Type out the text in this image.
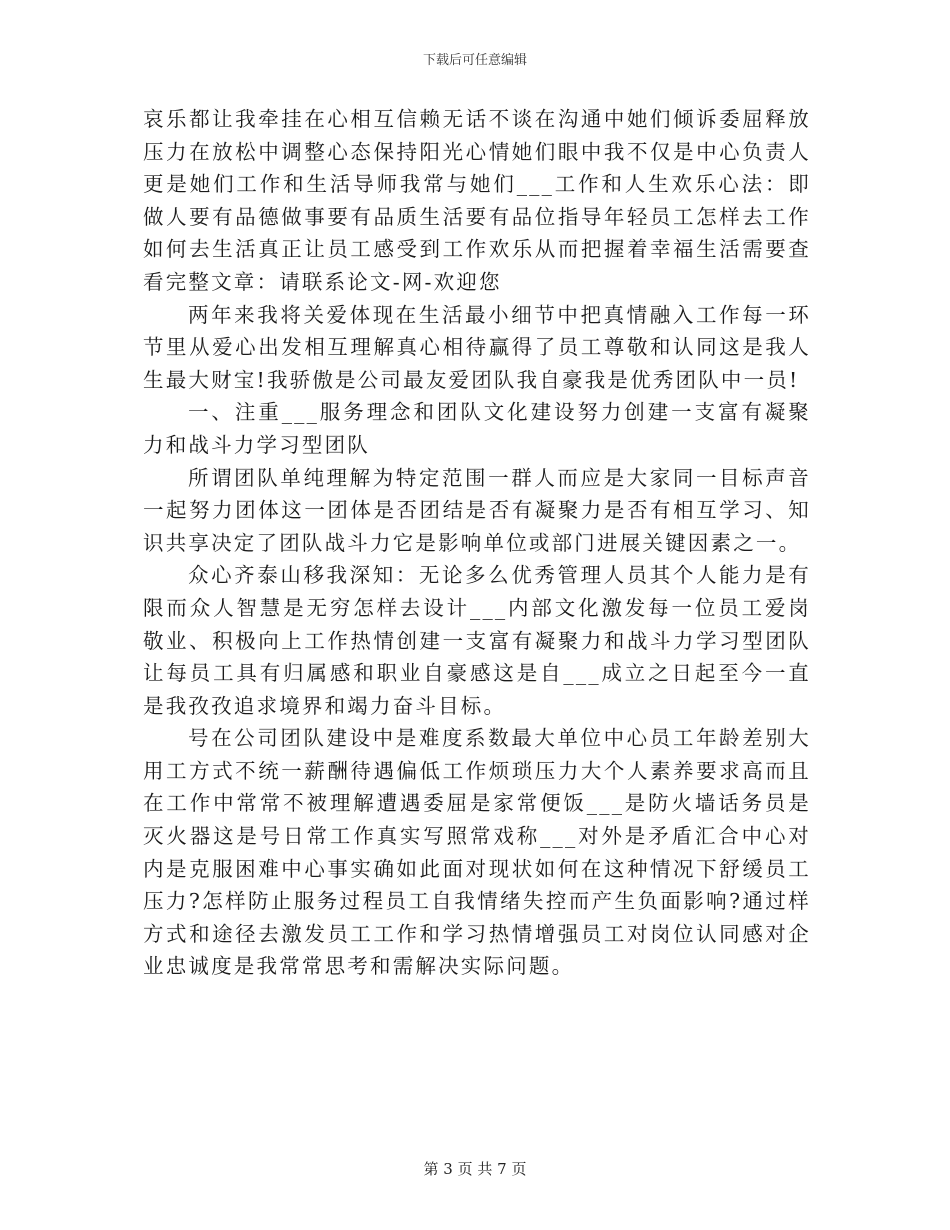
下载后可任意编辑

哀乐都让我牵挂在心相互信赖无话不谈在沟通中她们倾诉委屈释放压力在放松中调整心态保持阳光心情她们眼中我不仅是中心负责人更是她们工作和生活导师我常与她们___工作和人生欢乐心法：即做人要有品德做事要有品质生活要有品位指导年轻员工怎样去工作如何去生活真正让员工感受到工作欢乐从而把握着幸福生活需要查看完整文章：请联系论文-网-欢迎您

两年来我将关爱体现在生活最小细节中把真情融入工作每一环节里从爱心出发相互理解真心相待赢得了员工尊敬和认同这是我人生最大财宝!我骄傲是公司最友爱团队我自豪我是优秀团队中一员!

一、注重___服务理念和团队文化建设努力创建一支富有凝聚力和战斗力学习型团队

所谓团队单纯理解为特定范围一群人而应是大家同一目标声音一起努力团体这一团体是否团结是否有凝聚力是否有相互学习、知识共享决定了团队战斗力它是影响单位或部门进展关键因素之一。

众心齐泰山移我深知：无论多么优秀管理人员其个人能力是有限而众人智慧是无穷怎样去设计___内部文化激发每一位员工爱岗敬业、积极向上工作热情创建一支富有凝聚力和战斗力学习型团队让每员工具有归属感和职业自豪感这是自___成立之日起至今一直是我孜孜追求境界和竭力奋斗目标。

号在公司团队建设中是难度系数最大单位中心员工年龄差别大用工方式不统一薪酬待遇偏低工作烦琐压力大个人素养要求高而且在工作中常常不被理解遭遇委屈是家常便饭___是防火墙话务员是灭火器这是号日常工作真实写照常戏称___对外是矛盾汇合中心对内是克服困难中心事实确如此面对现状如何在这种情况下舒缓员工压力?怎样防止服务过程员工自我情绪失控而产生负面影响?通过样方式和途径去激发员工工作和学习热情增强员工对岗位认同感对企业忠诚度是我常常思考和需解决实际问题。

第 3 页 共 7 页
